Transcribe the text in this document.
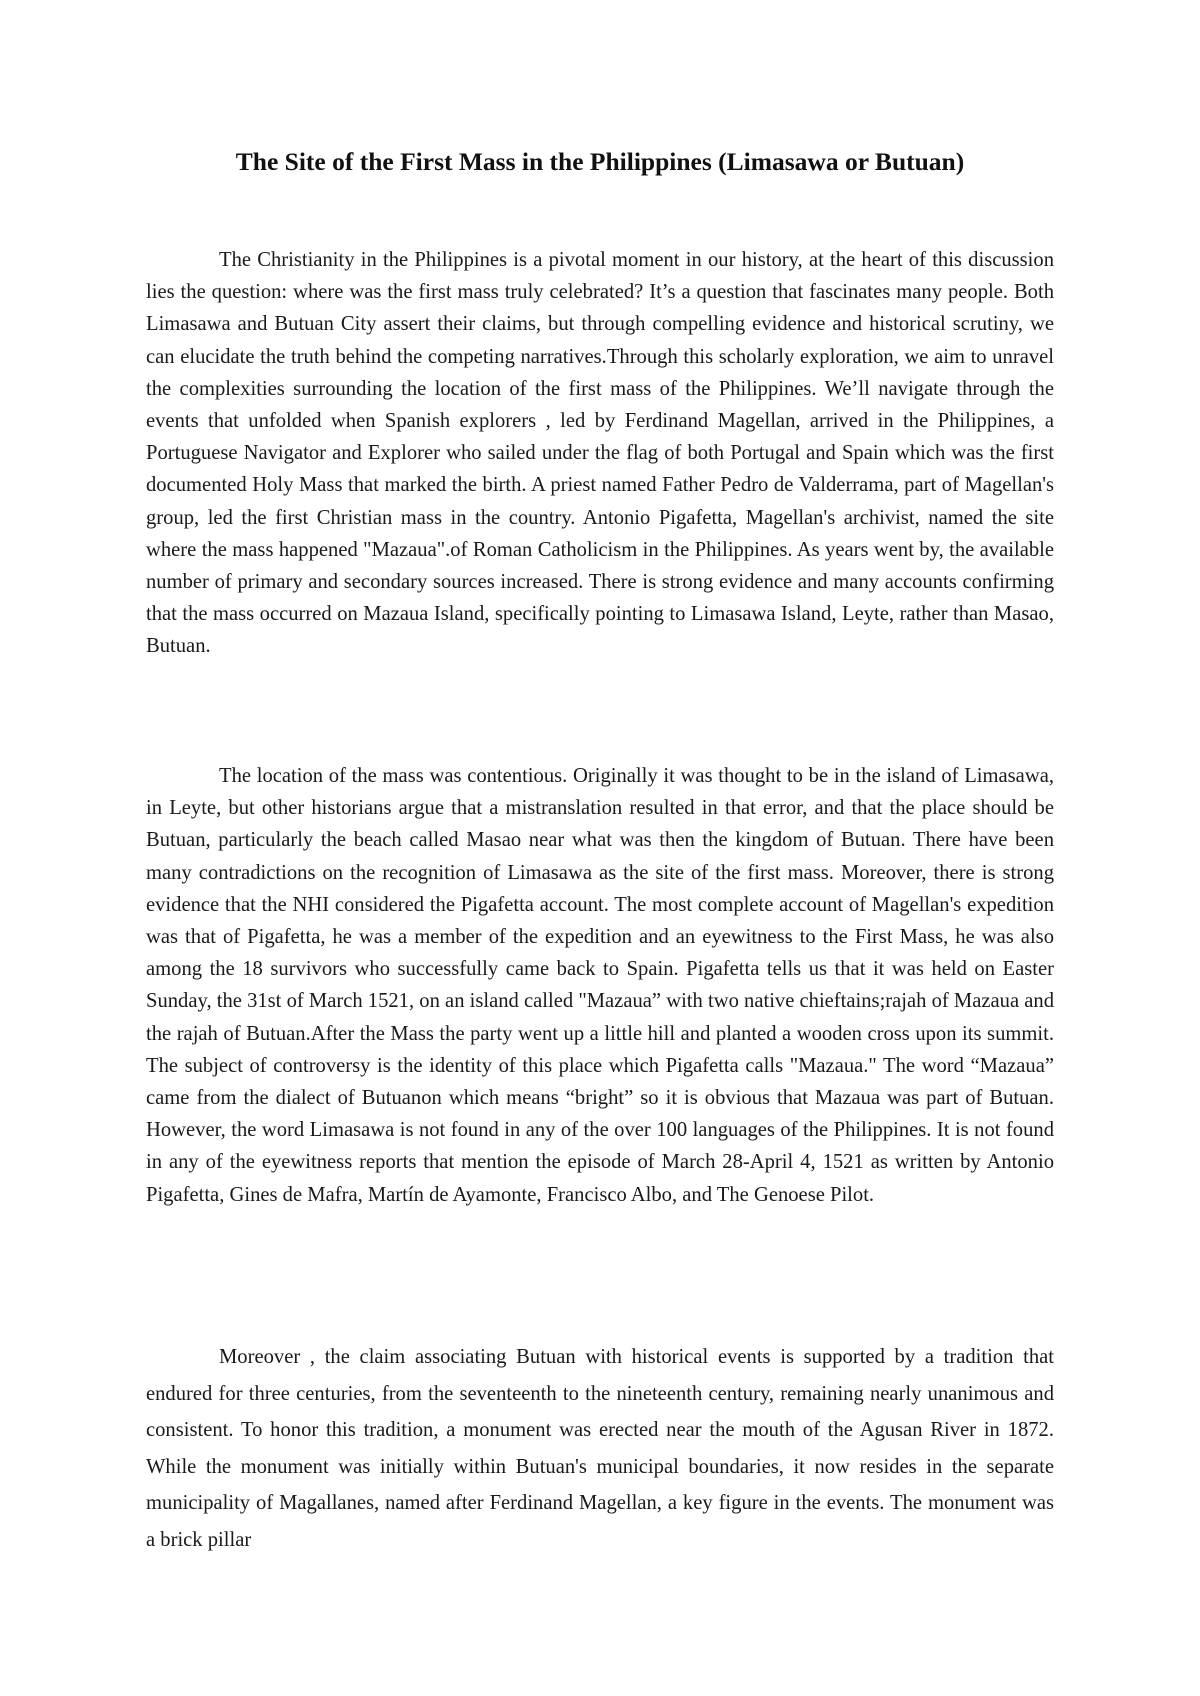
The Site of the First Mass in the Philippines (Limasawa or Butuan)

The Christianity in the Philippines is a pivotal moment in our history, at the heart of this discussion lies the question: where was the first mass truly celebrated? It’s a question that fascinates many people. Both Limasawa and Butuan City assert their claims, but through compelling evidence and historical scrutiny, we can elucidate the truth behind the competing narratives.Through this scholarly exploration, we aim to unravel the complexities surrounding the location of the first mass of the Philippines. We’ll navigate through the events that unfolded when Spanish explorers , led by Ferdinand Magellan, arrived in the Philippines, a Portuguese Navigator and Explorer who sailed under the flag of both Portugal and Spain which was the first documented Holy Mass that marked the birth. A priest named Father Pedro de Valderrama, part of Magellan's group, led the first Christian mass in the country. Antonio Pigafetta, Magellan's archivist, named the site where the mass happened "Mazaua".of Roman Catholicism in the Philippines. As years went by, the available number of primary and secondary sources increased. There is strong evidence and many accounts confirming that the mass occurred on Mazaua Island, specifically pointing to Limasawa Island, Leyte, rather than Masao, Butuan.

The location of the mass was contentious. Originally it was thought to be in the island of Limasawa, in Leyte, but other historians argue that a mistranslation resulted in that error, and that the place should be Butuan, particularly the beach called Masao near what was then the kingdom of Butuan. There have been many contradictions on the recognition of Limasawa as the site of the first mass. Moreover, there is strong evidence that the NHI considered the Pigafetta account. The most complete account of Magellan's expedition was that of Pigafetta, he was a member of the expedition and an eyewitness to the First Mass, he was also among the 18 survivors who successfully came back to Spain. Pigafetta tells us that it was held on Easter Sunday, the 31st of March 1521, on an island called "Mazaua” with two native chieftains;rajah of Mazaua and the rajah of Butuan.After the Mass the party went up a little hill and planted a wooden cross upon its summit. The subject of controversy is the identity of this place which Pigafetta calls "Mazaua." The word “Mazaua” came from the dialect of Butuanon which means “bright” so it is obvious that Mazaua was part of Butuan. However, the word Limasawa is not found in any of the over 100 languages of the Philippines. It is not found in any of the eyewitness reports that mention the episode of March 28-April 4, 1521 as written by Antonio Pigafetta, Gines de Mafra, Martín de Ayamonte, Francisco Albo, and The Genoese Pilot.

Moreover , the claim associating Butuan with historical events is supported by a tradition that endured for three centuries, from the seventeenth to the nineteenth century, remaining nearly unanimous and consistent. To honor this tradition, a monument was erected near the mouth of the Agusan River in 1872. While the monument was initially within Butuan's municipal boundaries, it now resides in the separate municipality of Magallanes, named after Ferdinand Magellan, a key figure in the events. The monument was a brick pillar
